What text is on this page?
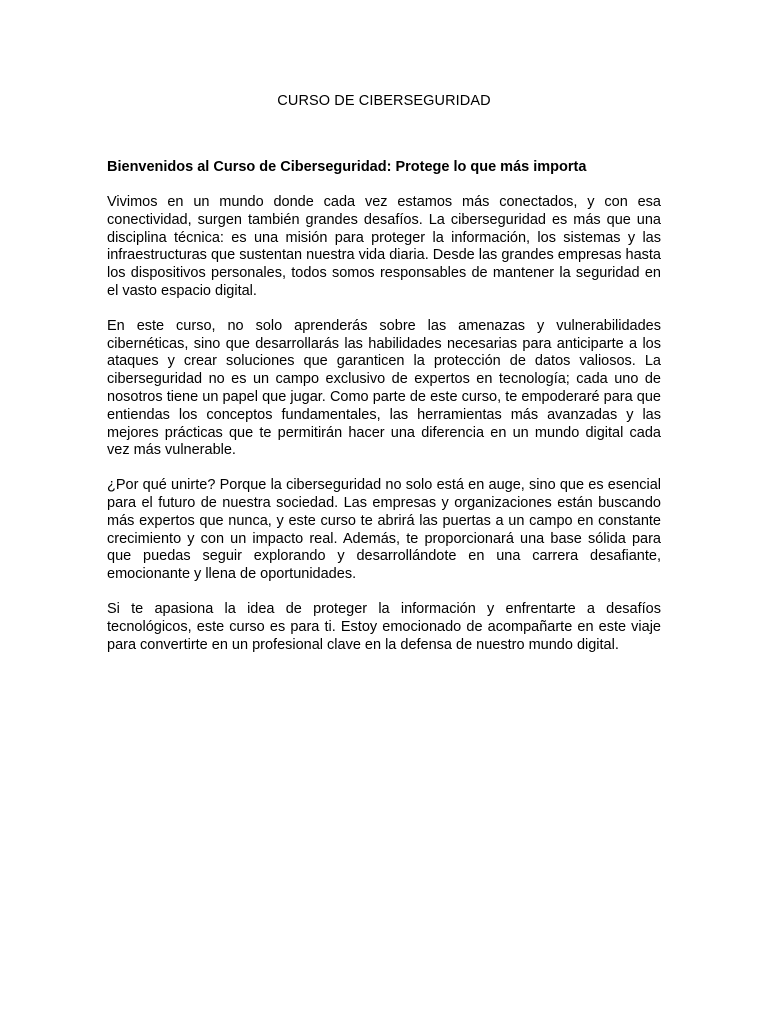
CURSO DE CIBERSEGURIDAD

Bienvenidos al Curso de Ciberseguridad: Protege lo que más importa

Vivimos en un mundo donde cada vez estamos más conectados, y con esa conectividad, surgen también grandes desafíos. La ciberseguridad es más que una disciplina técnica: es una misión para proteger la información, los sistemas y las infraestructuras que sustentan nuestra vida diaria. Desde las grandes empresas hasta los dispositivos personales, todos somos responsables de mantener la seguridad en el vasto espacio digital.

En este curso, no solo aprenderás sobre las amenazas y vulnerabilidades cibernéticas, sino que desarrollarás las habilidades necesarias para anticiparte a los ataques y crear soluciones que garanticen la protección de datos valiosos. La ciberseguridad no es un campo exclusivo de expertos en tecnología; cada uno de nosotros tiene un papel que jugar. Como parte de este curso, te empoderaré para que entiendas los conceptos fundamentales, las herramientas más avanzadas y las mejores prácticas que te permitirán hacer una diferencia en un mundo digital cada vez más vulnerable.

¿Por qué unirte? Porque la ciberseguridad no solo está en auge, sino que es esencial para el futuro de nuestra sociedad. Las empresas y organizaciones están buscando más expertos que nunca, y este curso te abrirá las puertas a un campo en constante crecimiento y con un impacto real. Además, te proporcionará una base sólida para que puedas seguir explorando y desarrollándote en una carrera desafiante, emocionante y llena de oportunidades.

Si te apasiona la idea de proteger la información y enfrentarte a desafíos tecnológicos, este curso es para ti. Estoy emocionado de acompañarte en este viaje para convertirte en un profesional clave en la defensa de nuestro mundo digital.
